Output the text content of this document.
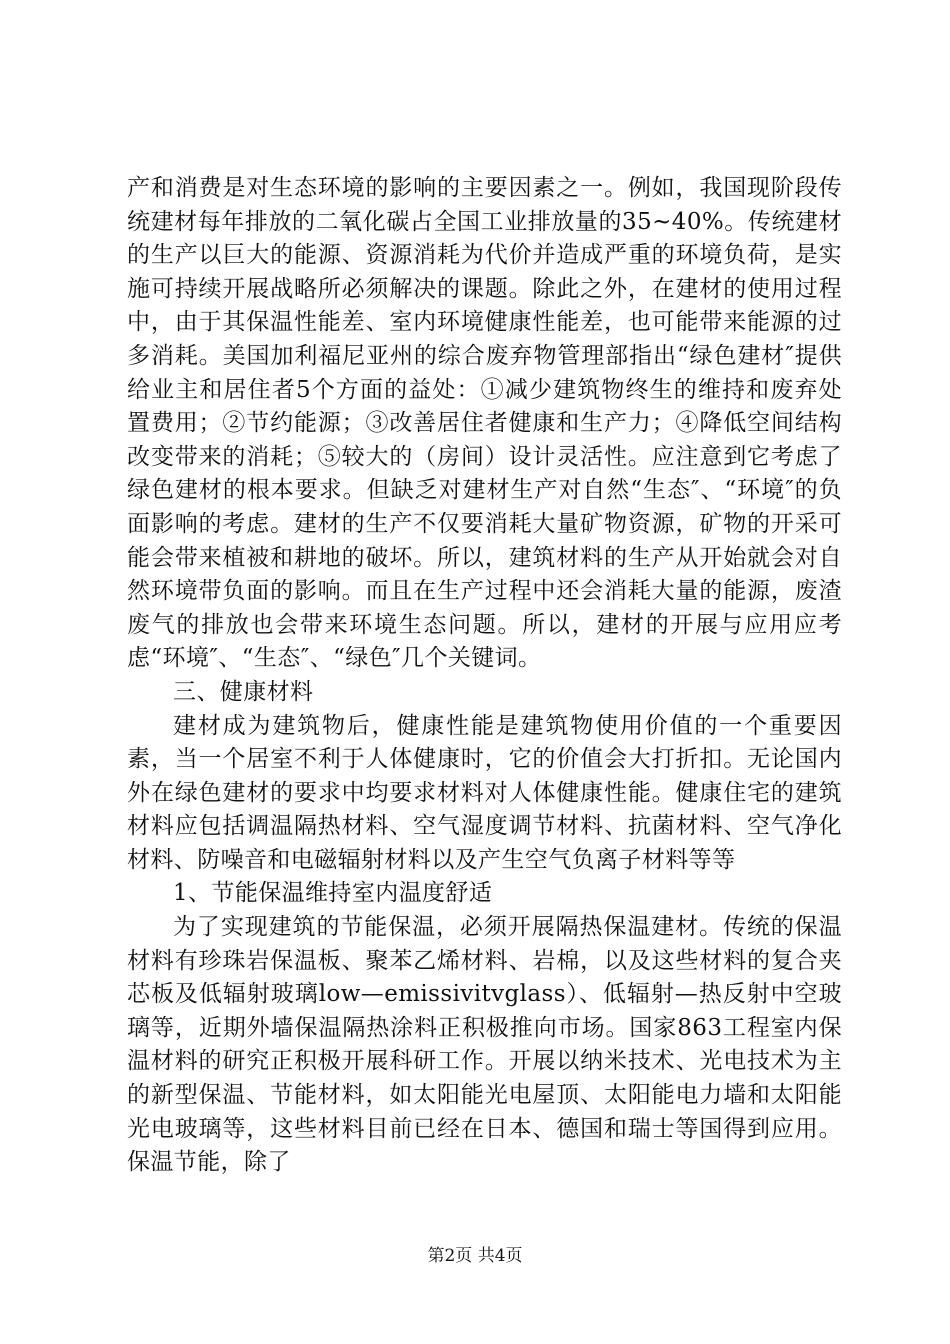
产和消费是对生态环境的影响的主要因素之一。例如，我国现阶段传统建材每年排放的二氧化碳占全国工业排放量的35~40%。传统建材的生产以巨大的能源、资源消耗为代价并造成严重的环境负荷，是实施可持续开展战略所必须解决的课题。除此之外，在建材的使用过程中，由于其保温性能差、室内环境健康性能差，也可能带来能源的过多消耗。美国加利福尼亚州的综合废弃物管理部指出“绿色建材″提供给业主和居住者5个方面的益处：①减少建筑物终生的维持和废弃处置费用；②节约能源；③改善居住者健康和生产力；④降低空间结构改变带来的消耗；⑤较大的（房间）设计灵活性。应注意到它考虑了绿色建材的根本要求。但缺乏对建材生产对自然“生态″、“环境″的负面影响的考虑。建材的生产不仅要消耗大量矿物资源，矿物的开采可能会带来植被和耕地的破坏。所以，建筑材料的生产从开始就会对自然环境带负面的影响。而且在生产过程中还会消耗大量的能源，废渣废气的排放也会带来环境生态问题。所以，建材的开展与应用应考虑“环境″、“生态″、“绿色″几个关键词。

三、健康材料

建材成为建筑物后，健康性能是建筑物使用价值的一个重要因素，当一个居室不利于人体健康时，它的价值会大打折扣。无论国内外在绿色建材的要求中均要求材料对人体健康性能。健康住宅的建筑材料应包括调温隔热材料、空气湿度调节材料、抗菌材料、空气净化材料、防噪音和电磁辐射材料以及产生空气负离子材料等等

1、节能保温维持室内温度舒适

为了实现建筑的节能保温，必须开展隔热保温建材。传统的保温材料有珍珠岩保温板、聚苯乙烯材料、岩棉，以及这些材料的复合夹芯板及低辐射玻璃low—emissivitvglass）、低辐射—热反射中空玻璃等，近期外墙保温隔热涂料正积极推向市场。国家863工程室内保温材料的研究正积极开展科研工作。开展以纳米技术、光电技术为主的新型保温、节能材料，如太阳能光电屋顶、太阳能电力墙和太阳能光电玻璃等，这些材料目前已经在日本、德国和瑞士等国得到应用。保温节能，除了

第2页 共4页
